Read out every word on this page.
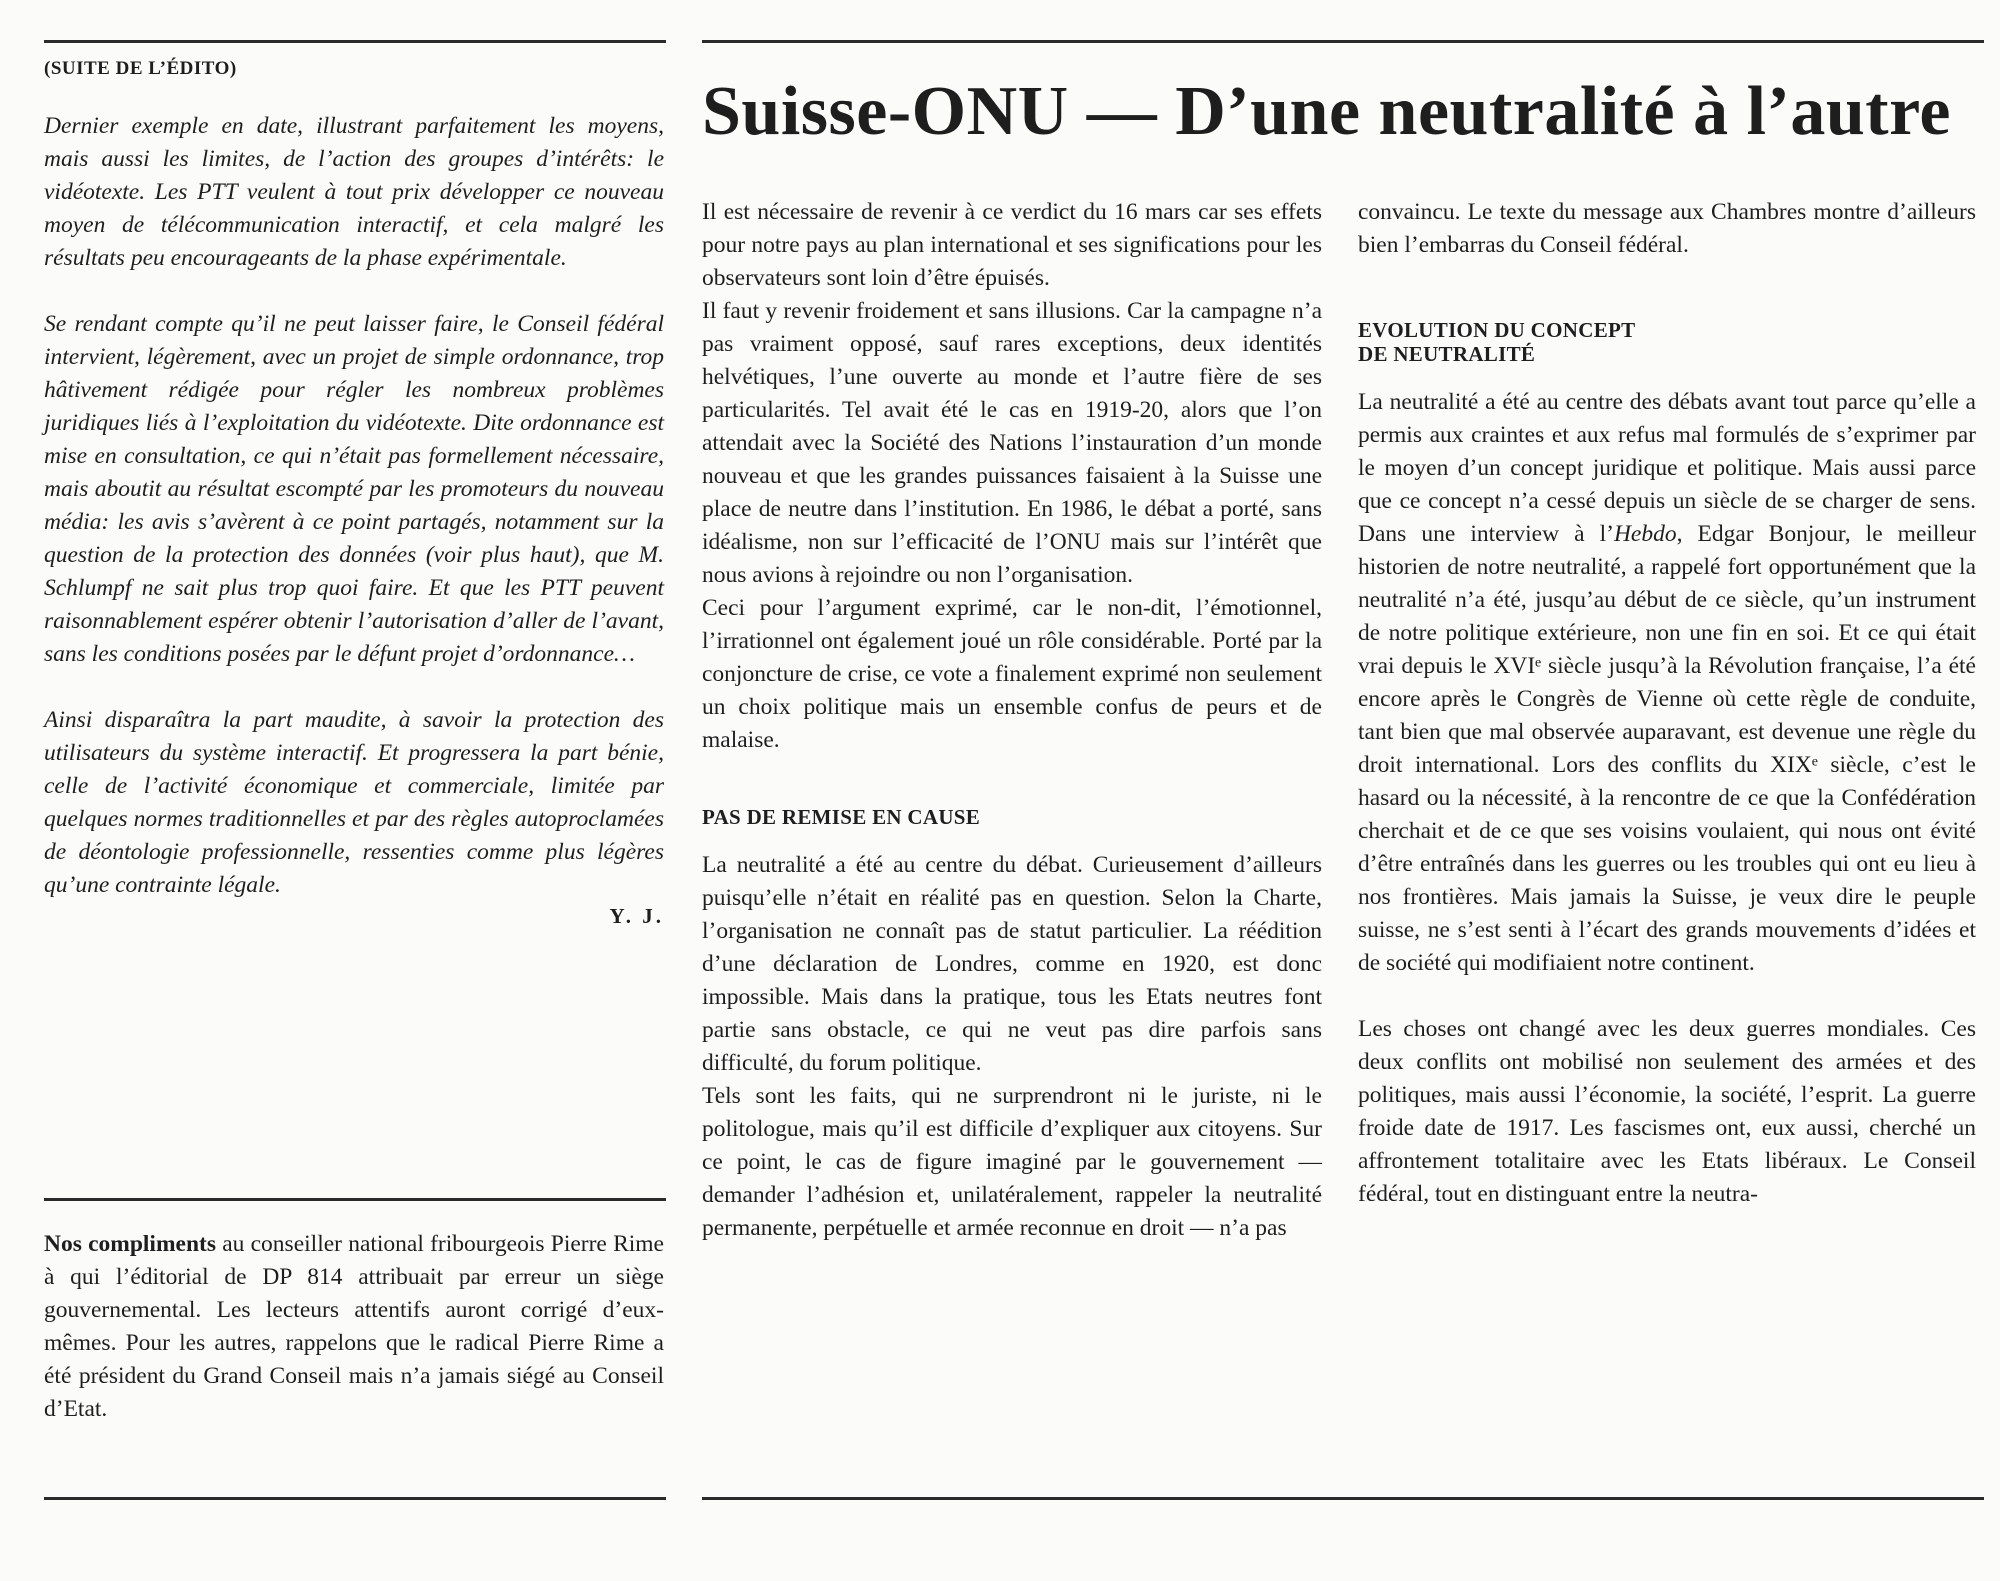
(SUITE DE L’ÉDITO)

Dernier exemple en date, illustrant parfaitement les moyens, mais aussi les limites, de l’action des groupes d’intérêts: le vidéotexte. Les PTT veulent à tout prix développer ce nouveau moyen de télécommunication interactif, et cela malgré les résultats peu encourageants de la phase expérimentale.

Se rendant compte qu’il ne peut laisser faire, le Conseil fédéral intervient, légèrement, avec un projet de simple ordonnance, trop hâtivement rédigée pour régler les nombreux problèmes juridiques liés à l’exploitation du vidéotexte. Dite ordonnance est mise en consultation, ce qui n’était pas formellement nécessaire, mais aboutit au résultat escompté par les promoteurs du nouveau média: les avis s’avèrent à ce point partagés, notamment sur la question de la protection des données (voir plus haut), que M. Schlumpf ne sait plus trop quoi faire. Et que les PTT peuvent raisonnablement espérer obtenir l’autorisation d’aller de l’avant, sans les conditions posées par le défunt projet d’ordonnance…

Ainsi disparaîtra la part maudite, à savoir la protection des utilisateurs du système interactif. Et progressera la part bénie, celle de l’activité économique et commerciale, limitée par quelques normes traditionnelles et par des règles autoproclamées de déontologie professionnelle, ressenties comme plus légères qu’une contrainte légale.

Y. J.

Nos compliments au conseiller national fribourgeois Pierre Rime à qui l’éditorial de DP 814 attribuait par erreur un siège gouvernemental. Les lecteurs attentifs auront corrigé d’eux-mêmes. Pour les autres, rappelons que le radical Pierre Rime a été président du Grand Conseil mais n’a jamais siégé au Conseil d’Etat.

Suisse-ONU — D’une neutralité à l’autre

Il est nécessaire de revenir à ce verdict du 16 mars car ses effets pour notre pays au plan international et ses significations pour les observateurs sont loin d’être épuisés.

Il faut y revenir froidement et sans illusions. Car la campagne n’a pas vraiment opposé, sauf rares exceptions, deux identités helvétiques, l’une ouverte au monde et l’autre fière de ses particularités. Tel avait été le cas en 1919-20, alors que l’on attendait avec la Société des Nations l’instauration d’un monde nouveau et que les grandes puissances faisaient à la Suisse une place de neutre dans l’institution. En 1986, le débat a porté, sans idéalisme, non sur l’efficacité de l’ONU mais sur l’intérêt que nous avions à rejoindre ou non l’organisation.

Ceci pour l’argument exprimé, car le non-dit, l’émotionnel, l’irrationnel ont également joué un rôle considérable. Porté par la conjoncture de crise, ce vote a finalement exprimé non seulement un choix politique mais un ensemble confus de peurs et de malaise.

PAS DE REMISE EN CAUSE

La neutralité a été au centre du débat. Curieusement d’ailleurs puisqu’elle n’était en réalité pas en question. Selon la Charte, l’organisation ne connaît pas de statut particulier. La réédition d’une déclaration de Londres, comme en 1920, est donc impossible. Mais dans la pratique, tous les Etats neutres font partie sans obstacle, ce qui ne veut pas dire parfois sans difficulté, du forum politique.

Tels sont les faits, qui ne surprendront ni le juriste, ni le politologue, mais qu’il est difficile d’expliquer aux citoyens. Sur ce point, le cas de figure imaginé par le gouvernement — demander l’adhésion et, unilatéralement, rappeler la neutralité permanente, perpétuelle et armée reconnue en droit — n’a pas

convaincu. Le texte du message aux Chambres montre d’ailleurs bien l’embarras du Conseil fédéral.

EVOLUTION DU CONCEPT
DE NEUTRALITÉ

La neutralité a été au centre des débats avant tout parce qu’elle a permis aux craintes et aux refus mal formulés de s’exprimer par le moyen d’un concept juridique et politique. Mais aussi parce que ce concept n’a cessé depuis un siècle de se charger de sens. Dans une interview à l’Hebdo, Edgar Bonjour, le meilleur historien de notre neutralité, a rappelé fort opportunément que la neutralité n’a été, jusqu’au début de ce siècle, qu’un instrument de notre politique extérieure, non une fin en soi. Et ce qui était vrai depuis le XVIᵉ siècle jusqu’à la Révolution française, l’a été encore après le Congrès de Vienne où cette règle de conduite, tant bien que mal observée auparavant, est devenue une règle du droit international. Lors des conflits du XIXᵉ siècle, c’est le hasard ou la nécessité, à la rencontre de ce que la Confédération cherchait et de ce que ses voisins voulaient, qui nous ont évité d’être entraînés dans les guerres ou les troubles qui ont eu lieu à nos frontières. Mais jamais la Suisse, je veux dire le peuple suisse, ne s’est senti à l’écart des grands mouvements d’idées et de société qui modifiaient notre continent.

Les choses ont changé avec les deux guerres mondiales. Ces deux conflits ont mobilisé non seulement des armées et des politiques, mais aussi l’économie, la société, l’esprit. La guerre froide date de 1917. Les fascismes ont, eux aussi, cherché un affrontement totalitaire avec les Etats libéraux. Le Conseil fédéral, tout en distinguant entre la neutra-
